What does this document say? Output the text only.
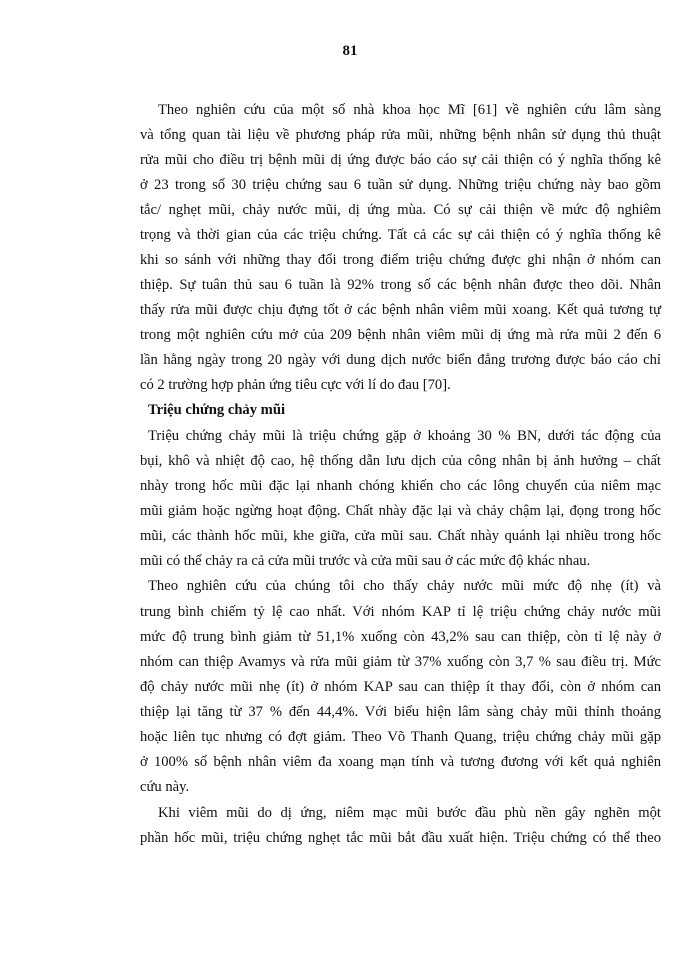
81
Theo nghiên cứu của một số nhà khoa học Mĩ [61] về nghiên cứu lâm sàng
và tổng quan tài liệu về phương pháp rửa mũi, những bệnh nhân sử dụng thủ thuật
rửa mũi cho điều trị bệnh mũi dị ứng được báo cáo sự cải thiện có ý nghĩa thống kê
ở 23 trong số 30 triệu chứng sau 6 tuần sử dụng. Những triệu chứng này bao gồm
tắc/ nghẹt mũi, chảy nước mũi, dị ứng mùa. Có sự cải thiện về mức độ nghiêm
trọng và thời gian của các triệu chứng. Tất cả các sự cải thiện có ý nghĩa thống kê
khi so sánh với những thay đổi trong điểm triệu chứng được ghi nhận ở nhóm can
thiệp. Sự tuân thủ sau 6 tuần là 92% trong số các bệnh nhân được theo dõi. Nhân
thấy rửa mũi được chịu đựng tốt ở các bệnh nhân viêm mũi xoang. Kết quả tương tự
trong một nghiên cứu mở của 209 bệnh nhân viêm mũi dị ứng mà rửa mũi 2 đến 6
lần hằng ngày trong 20 ngày với dung dịch nước biển đẳng trương được báo cáo chỉ
có 2 trường hợp phản ứng tiêu cực với lí do đau [70].
Triệu chứng chảy mũi
Triệu chứng chảy mũi là triệu chứng gặp ở khoảng 30 % BN, dưới tác động của
bụi, khô và nhiệt độ cao, hệ thống dẫn lưu dịch của công nhân bị ảnh hưởng – chất
nhày trong hốc mũi đặc lại nhanh chóng khiến cho các lông chuyển của niêm mạc
mũi giảm hoặc ngừng hoạt động. Chất nhày đặc lại và chảy chậm lại, đọng trong hốc
mũi, các thành hốc mũi, khe giữa, cửa mũi sau. Chất nhày quánh lại nhiều trong hốc
mũi có thể chảy ra cả cửa mũi trước và cửa mũi sau ở các mức độ khác nhau.
Theo nghiên cứu của chúng tôi cho thấy chảy nước mũi mức độ nhẹ (ít) và
trung bình chiếm tỷ lệ cao nhất. Với nhóm KAP tỉ lệ triệu chứng chảy nước mũi
mức độ trung bình giảm từ 51,1% xuống còn 43,2% sau can thiệp, còn tỉ lệ này ở
nhóm can thiệp Avamys và rửa mũi giảm từ 37% xuống còn 3,7 % sau điều trị. Mức
độ chảy nước mũi nhẹ (ít) ở nhóm KAP sau can thiệp ít thay đổi, còn ở nhóm can
thiệp lại tăng từ 37 % đến 44,4%. Với biểu hiện lâm sàng chảy mũi thỉnh thoảng
hoặc liên tục nhưng có đợt giảm. Theo Võ Thanh Quang, triệu chứng chảy mũi gặp
ở 100% số bệnh nhân viêm đa xoang mạn tính và tương đương với kết quả nghiên
cứu này.
Khi viêm mũi do dị ứng, niêm mạc mũi bước đầu phù nền gây nghẽn một
phần hốc mũi, triệu chứng nghẹt tắc mũi bắt đầu xuất hiện. Triệu chứng có thể theo
